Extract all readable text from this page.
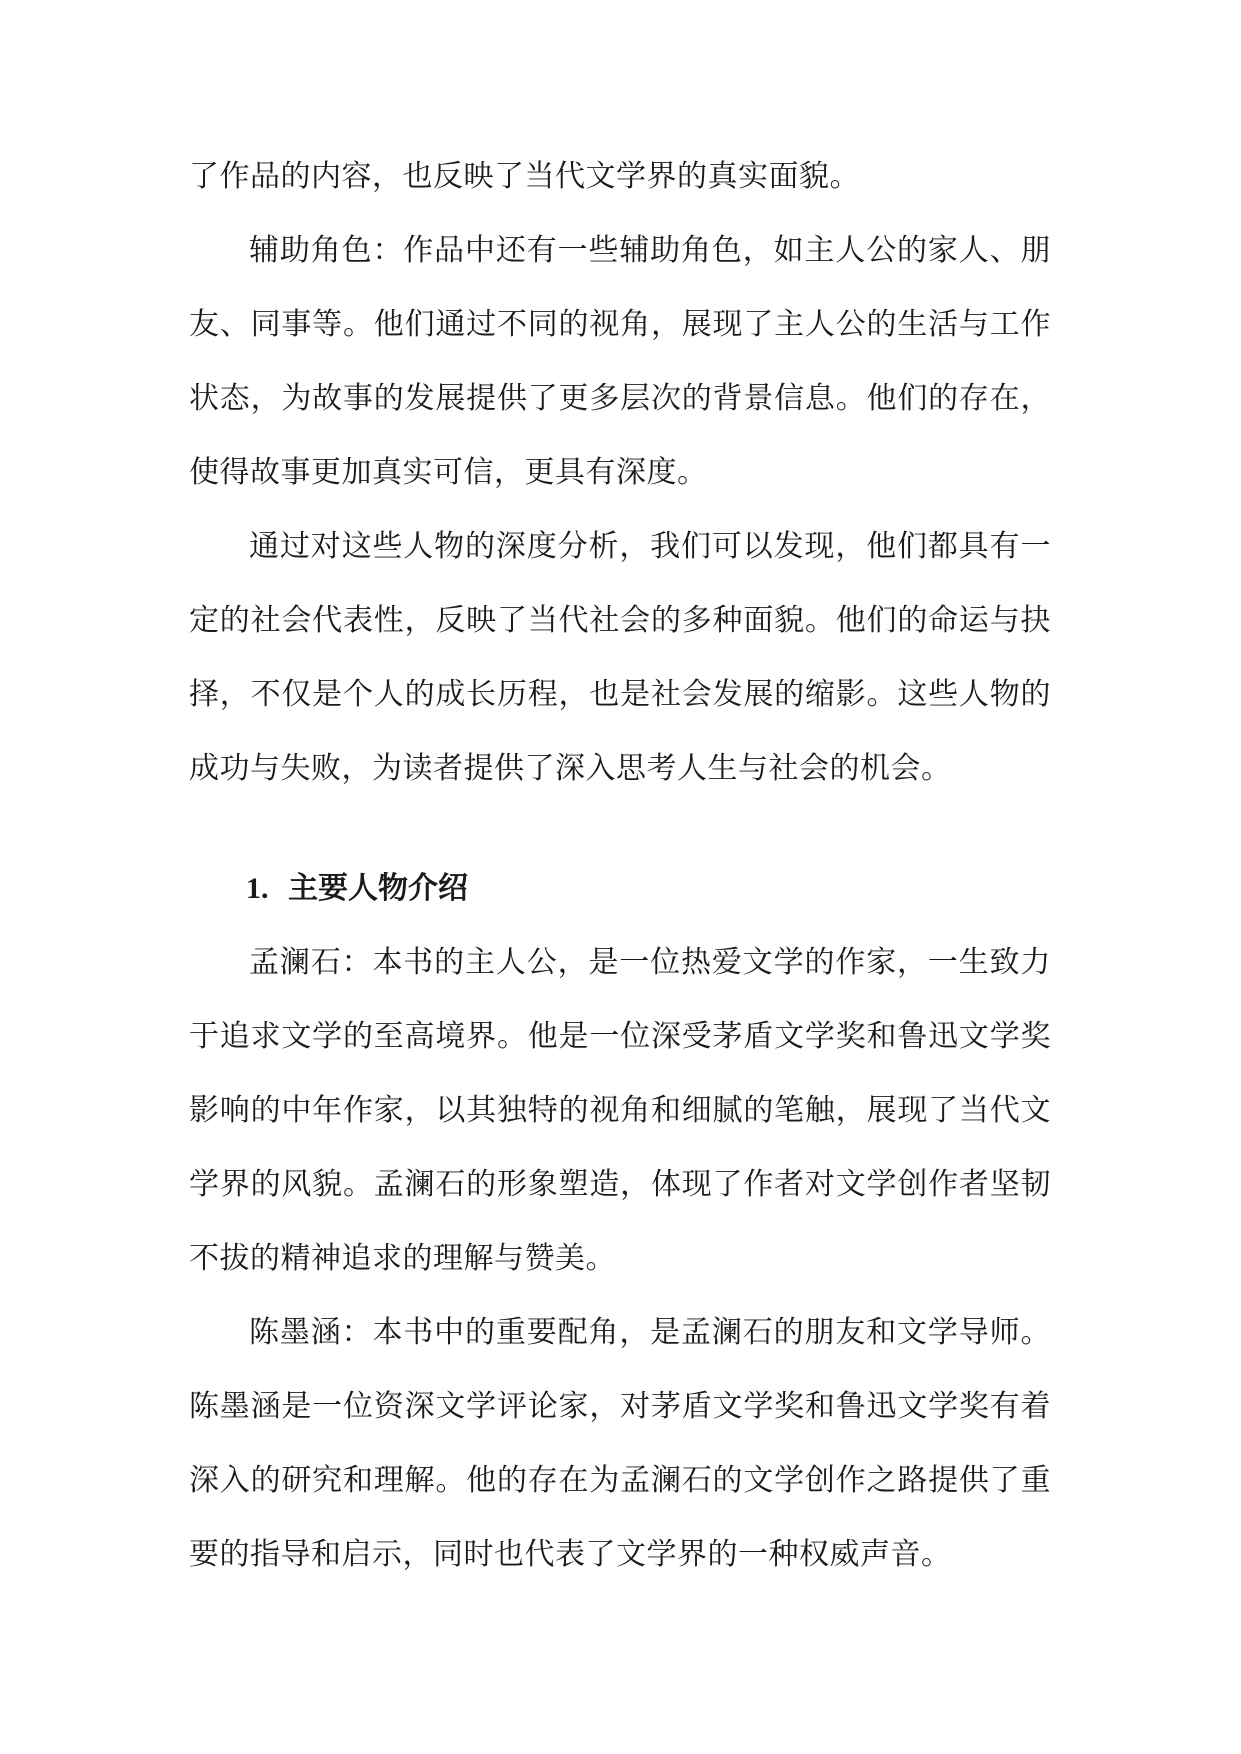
了作品的内容，也反映了当代文学界的真实面貌。

辅助角色：作品中还有一些辅助角色，如主人公的家人、朋友、同事等。他们通过不同的视角，展现了主人公的生活与工作状态，为故事的发展提供了更多层次的背景信息。他们的存在，使得故事更加真实可信，更具有深度。

通过对这些人物的深度分析，我们可以发现，他们都具有一定的社会代表性，反映了当代社会的多种面貌。他们的命运与抉择，不仅是个人的成长历程，也是社会发展的缩影。这些人物的成功与失败，为读者提供了深入思考人生与社会的机会。

1. 主要人物介绍

孟澜石：本书的主人公，是一位热爱文学的作家，一生致力于追求文学的至高境界。他是一位深受茅盾文学奖和鲁迅文学奖影响的中年作家，以其独特的视角和细腻的笔触，展现了当代文学界的风貌。孟澜石的形象塑造，体现了作者对文学创作者坚韧不拔的精神追求的理解与赞美。

陈墨涵：本书中的重要配角，是孟澜石的朋友和文学导师。陈墨涵是一位资深文学评论家，对茅盾文学奖和鲁迅文学奖有着深入的研究和理解。他的存在为孟澜石的文学创作之路提供了重要的指导和启示，同时也代表了文学界的一种权威声音。
